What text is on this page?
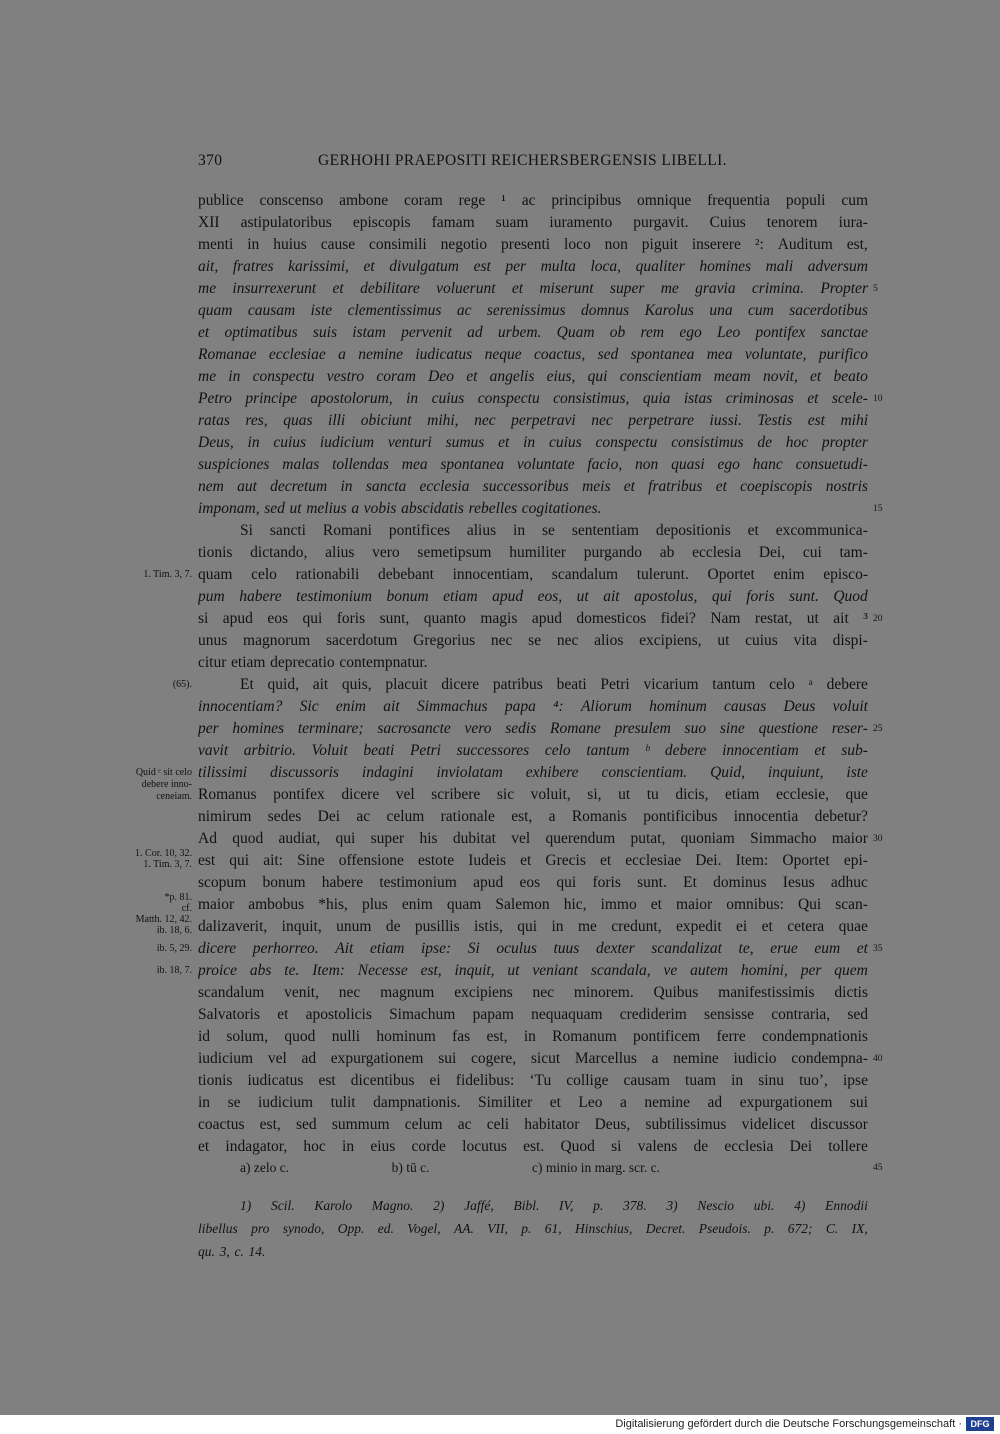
370	GERHOHI PRAEPOSITI REICHERSBERGENSIS LIBELLI.
publice conscenso ambone coram rege ¹ ac principibus omnique frequentia populi cum
XII astipulatoribus episcopis famam suam iuramento purgavit. Cuius tenorem iura-
menti in huius cause consimili negotio presenti loco non piguit inserere ²: Auditum est,
ait, fratres karissimi, et divulgatum est per multa loca, qualiter homines mali adversum
me insurrexerunt et debilitare voluerunt et miserunt super me gravia crimina. Propter
quam causam iste clementissimus ac serenissimus domnus Karolus una cum sacerdotibus
et optimatibus suis istam pervenit ad urbem. Quam ob rem ego Leo pontifex sanctae
Romanae ecclesiae a nemine iudicatus neque coactus, sed spontanea mea voluntate, purifico
me in conspectu vestro coram Deo et angelis eius, qui conscientiam meam novit, et beato
Petro principe apostolorum, in cuius conspectu consistimus, quia istas criminosas et scele-
ratas res, quas illi obiciunt mihi, nec perpetravi nec perpetrare iussi. Testis est mihi
Deus, in cuius iudicium venturi sumus et in cuius conspectu consistimus de hoc propter
suspiciones malas tollendas mea spontanea voluntate facio, non quasi ego hanc consuetudi-
nem aut decretum in sancta ecclesia successoribus meis et fratribus et coepiscopis nostris
imponam, sed ut melius a vobis abscidatis rebelles cogitationes.
Si sancti Romani pontifices alius in se sententiam depositionis et excommunica-
tionis dictando, alius vero semetipsum humiliter purgando ab ecclesia Dei, cui tam-
quam celo rationabili debebant innocentiam, scandalum tulerunt. Oportet enim episco-
pum habere testimonium bonum etiam apud eos, ut ait apostolus, qui foris sunt. Quod
si apud eos qui foris sunt, quanto magis apud domesticos fidei? Nam restat, ut ait ³
unus magnorum sacerdotum Gregorius nec se nec alios excipiens, ut cuius vita dispi-
citur etiam deprecatio contempnatur.
Et quid, ait quis, placuit dicere patribus beati Petri vicarium tantum celo ᵃ debere
innocentiam? Sic enim ait Simmachus papa ⁴: Aliorum hominum causas Deus voluit
per homines terminare; sacrosancte vero sedis Romane presulem suo sine questione reser-
vavit arbitrio. Voluit beati Petri successores celo tantum ᵇ debere innocentiam et sub-
tilissimi discussoris indagini inviolatam exhibere conscientiam. Quid, inquiunt, iste
Romanus pontifex dicere vel scribere sic voluit, si, ut tu dicis, etiam ecclesie, que
nimirum sedes Dei ac celum rationale est, a Romanis pontificibus innocentia debetur?
Ad quod audiat, qui super his dubitat vel querendum putat, quoniam Simmacho maior
est qui ait: Sine offensione estote Iudeis et Grecis et ecclesiae Dei. Item: Oportet epi-
scopum bonum habere testimonium apud eos qui foris sunt. Et dominus Iesus adhuc
maior ambobus *his, plus enim quam Salemon hic, immo et maior omnibus: Qui scan-
dalizaverit, inquit, unum de pusillis istis, qui in me credunt, expedit ei et cetera quae
dicere perhorreo. Ait etiam ipse: Si oculus tuus dexter scandalizat te, erue eum et
proice abs te. Item: Necesse est, inquit, ut veniant scandala, ve autem homini, per quem
scandalum venit, nec magnum excipiens nec minorem. Quibus manifestissimis dictis
Salvatoris et apostolicis Simachum papam nequaquam crediderim sensisse contraria, sed
id solum, quod nulli hominum fas est, in Romanum pontificem ferre condempnationis
iudicium vel ad expurgationem sui cogere, sicut Marcellus a nemine iudicio condempna-
tionis iudicatus est dicentibus ei fidelibus: ‘Tu collige causam tuam in sinu tuo’, ipse
in se iudicium tulit dampnationis. Similiter et Leo a nemine ad expurgationem sui
coactus est, sed summum celum ac celi habitator Deus, subtilissimus videlicet discussor
et indagator, hoc in eius corde locutus est. Quod si valens de ecclesia Dei tollere
5
10
15
20
25
30
35
40
45
1. Tim. 3, 7.
(65).
Quid ᶜ sit celo
debere inno-
ceneiam.
1. Cor. 10, 32.
1. Tim. 3, 7.
*p. 81.
cf.
Matth. 12, 42.
ib. 18, 6.
ib. 5, 29.
ib. 18, 7.
a) zelo c.	b) tū c.	c) minio in marg. scr. c.
1) Scil. Karolo Magno. 2) Jaffé, Bibl. IV, p. 378. 3) Nescio ubi. 4) Ennodii
libellus pro synodo, Opp. ed. Vogel, AA. VII, p. 61, Hinschius, Decret. Pseudois. p. 672; C. IX,
qu. 3, c. 14.
Digitalisierung gefördert durch die Deutsche Forschungsgemeinschaft · DFG
